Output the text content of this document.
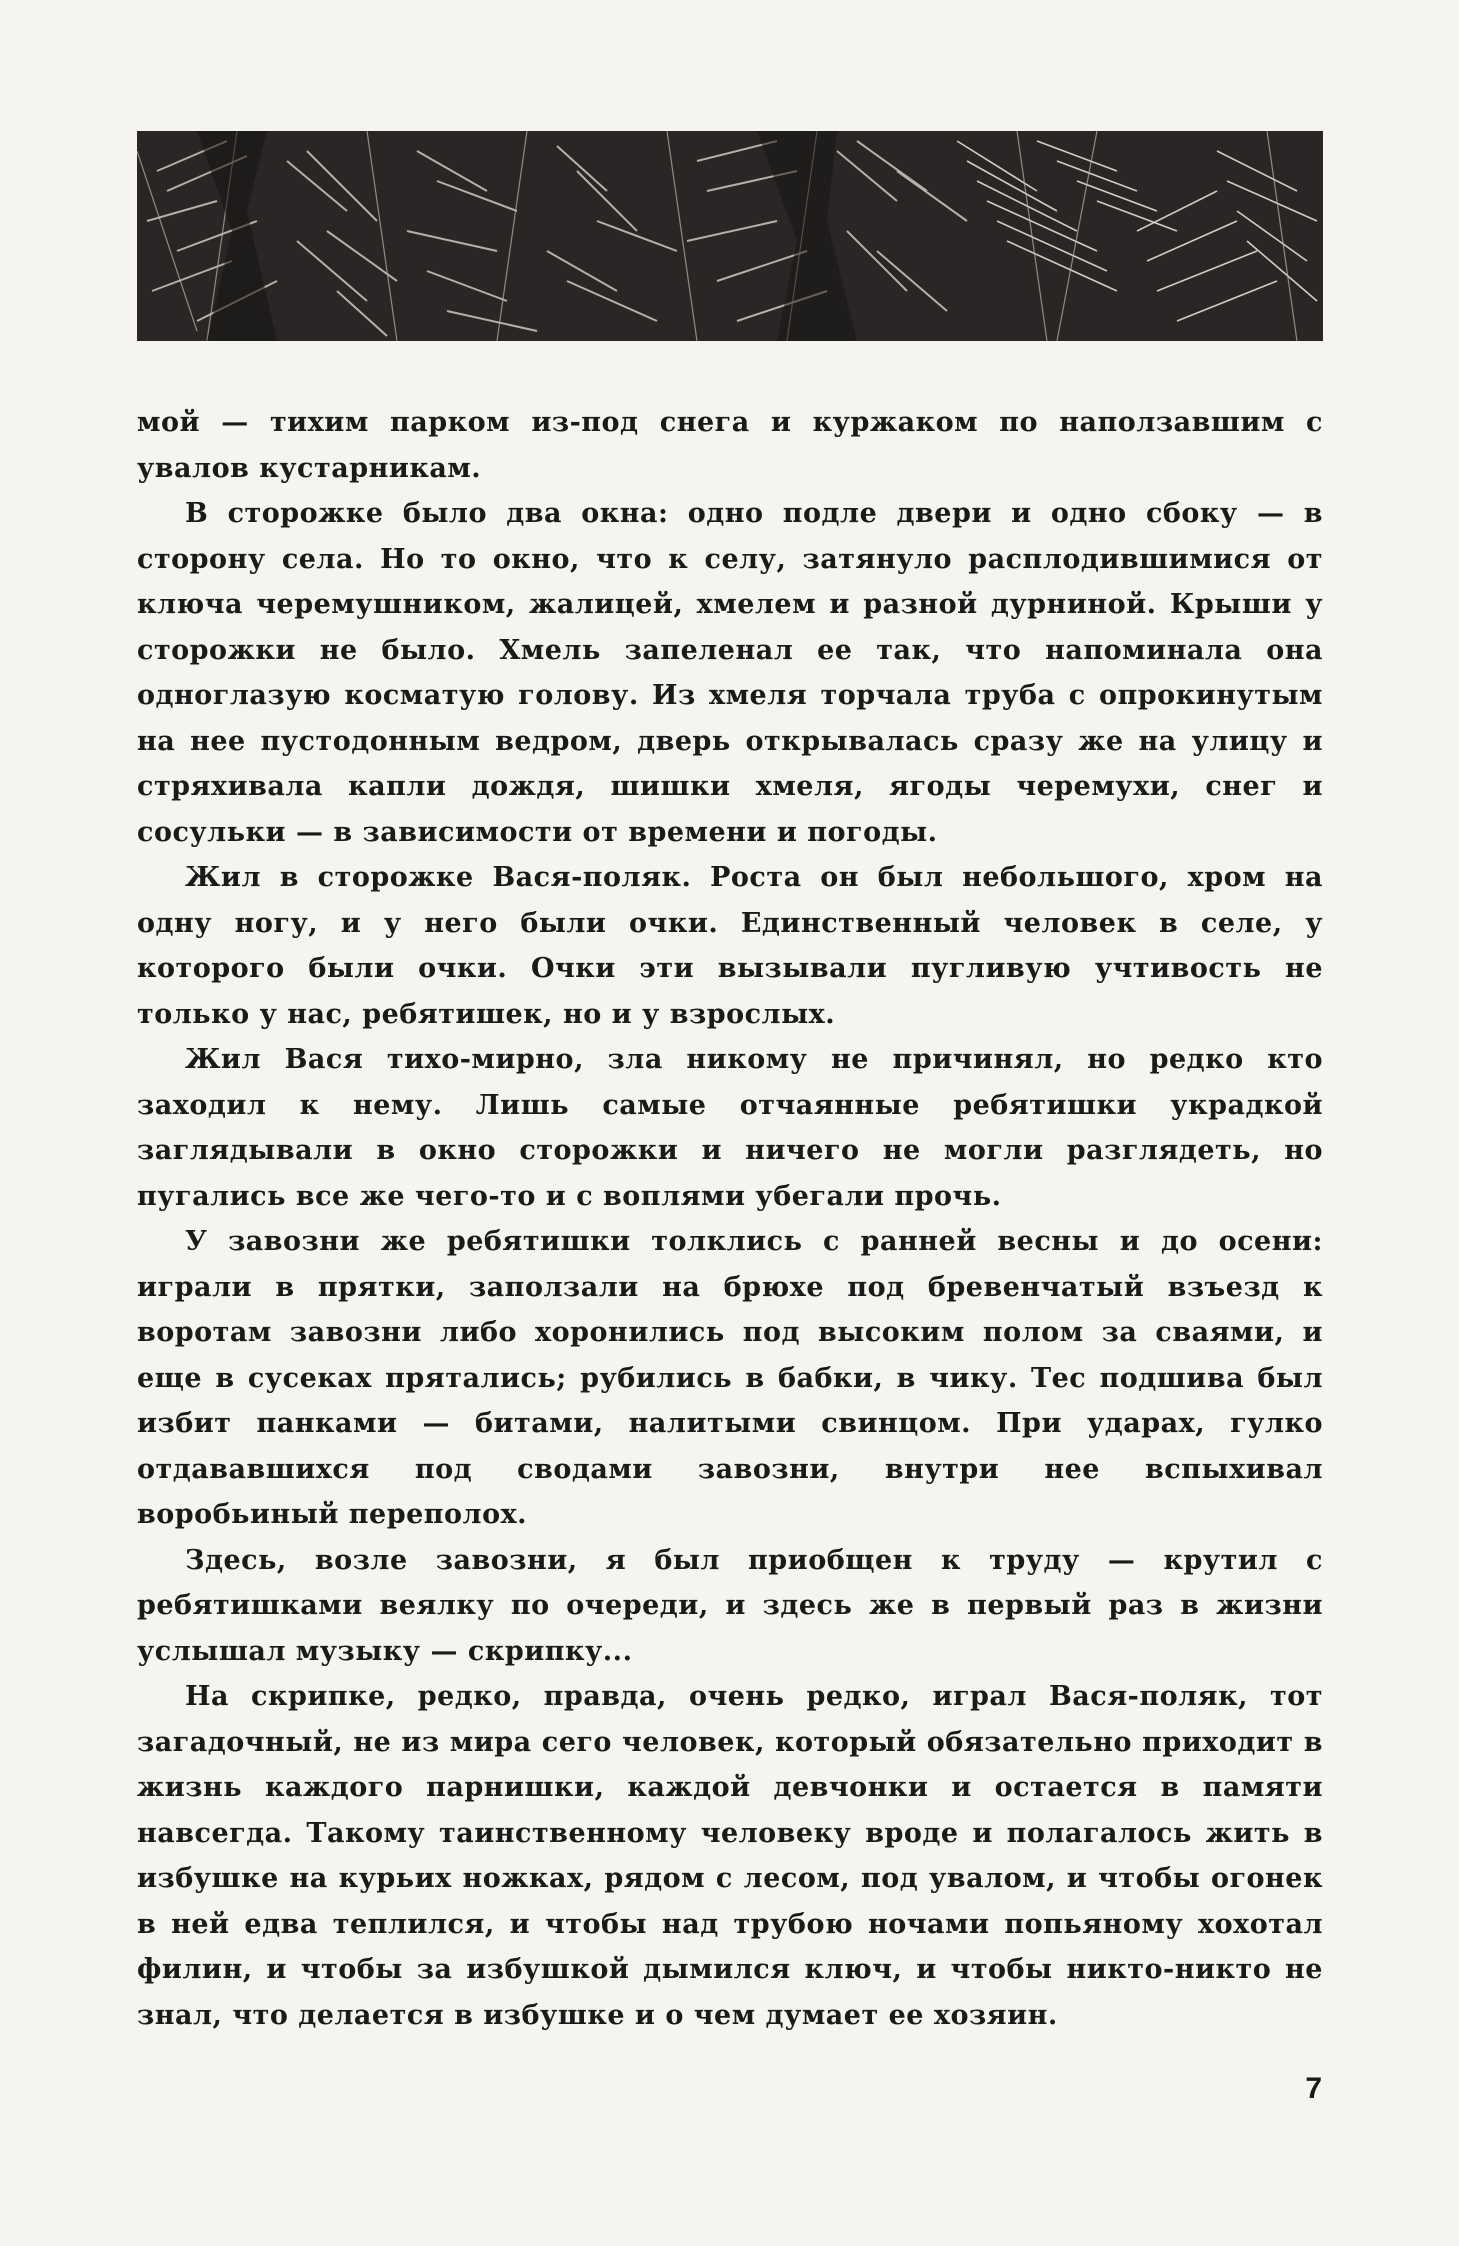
мой — тихим парком из-под снега и куржаком по наползавшим с увалов кустарникам.

В сторожке было два окна: одно подле двери и одно сбоку — в сторону села. Но то окно, что к селу, затянуло расплодившимися от ключа черемушником, жалицей, хмелем и разной дурниной. Крыши у сторожки не было. Хмель запеленал ее так, что напоминала она одноглазую косматую голову. Из хмеля торчала труба с опрокинутым на нее пустодонным ведром, дверь открывалась сразу же на улицу и стряхивала капли дождя, шишки хмеля, ягоды черемухи, снег и сосульки — в зависимости от времени и погоды.

Жил в сторожке Вася-поляк. Роста он был небольшого, хром на одну ногу, и у него были очки. Единственный человек в селе, у которого были очки. Очки эти вызывали пугливую учтивость не только у нас, ребятишек, но и у взрослых.

Жил Вася тихо-мирно, зла никому не причинял, но редко кто заходил к нему. Лишь самые отчаянные ребятишки украдкой заглядывали в окно сторожки и ничего не могли разглядеть, но пугались все же чего-то и с воплями убегали прочь.

У завозни же ребятишки толклись с ранней весны и до осени: играли в прятки, заползали на брюхе под бревенчатый взъезд к воротам завозни либо хоронились под высоким полом за сваями, и еще в сусеках прятались; рубились в бабки, в чику. Тес подшива был избит панками — битами, налитыми свинцом. При ударах, гулко отдававшихся под сводами завозни, внутри нее вспыхивал воробьиный переполох.

Здесь, возле завозни, я был приобщен к труду — крутил с ребятишками веялку по очереди, и здесь же в первый раз в жизни услышал музыку — скрипку...

На скрипке, редко, правда, очень редко, играл Вася-поляк, тот загадочный, не из мира сего человек, который обязательно приходит в жизнь каждого парнишки, каждой девчонки и остается в памяти навсегда. Такому таинственному человеку вроде и полагалось жить в избушке на курьих ножках, рядом с лесом, под увалом, и чтобы огонек в ней едва теплился, и чтобы над трубою ночами попьяному хохотал филин, и чтобы за избушкой дымился ключ, и чтобы никто-никто не знал, что делается в избушке и о чем думает ее хозяин.

7
